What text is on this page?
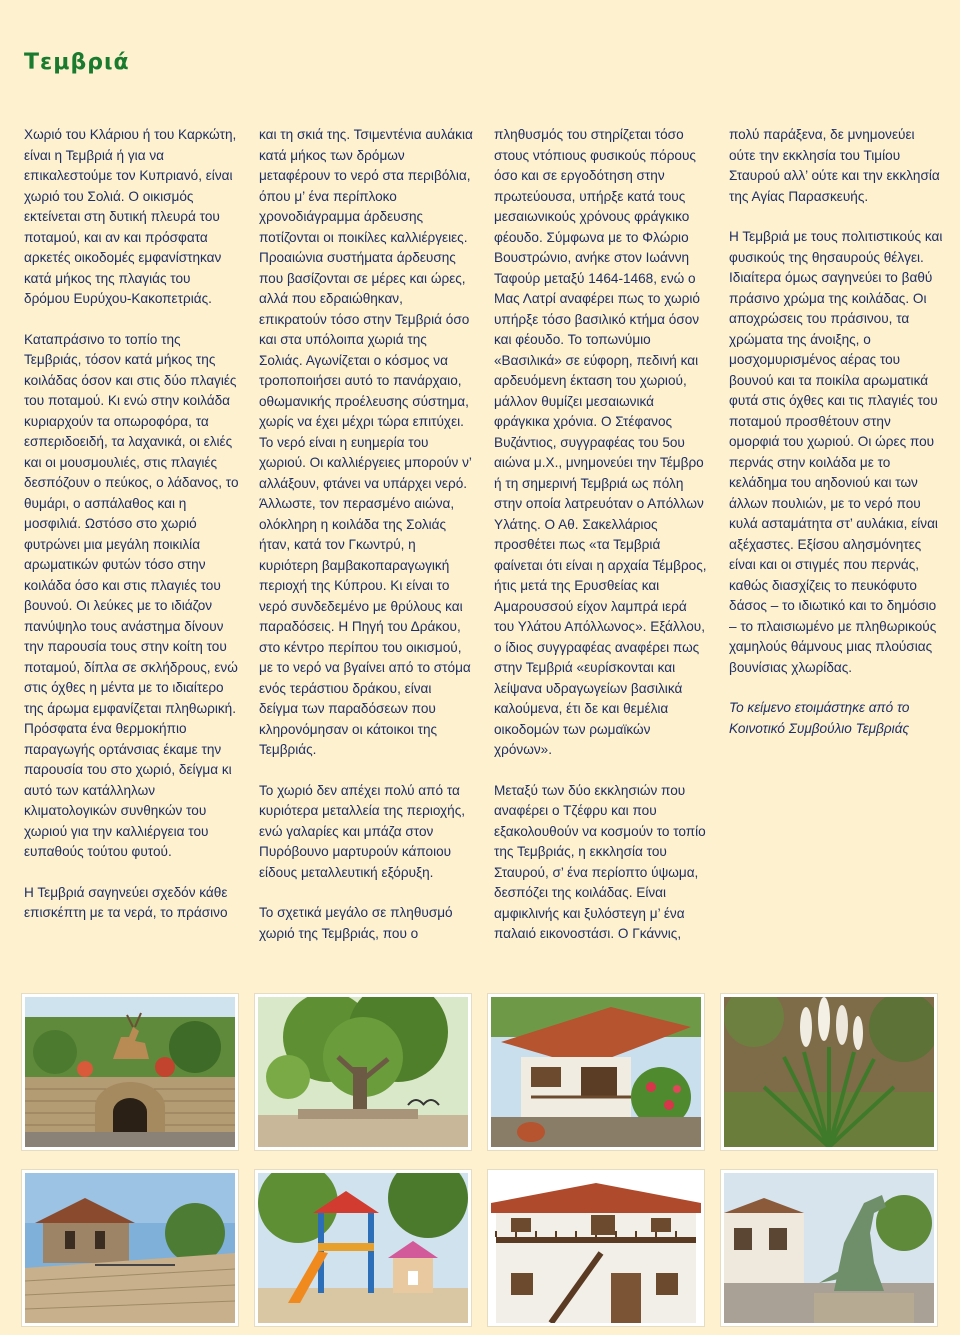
Τεμβριά

Χωριό του Κλάριου ή του Καρκώτη, είναι η Τεμβριά ή για να επικαλεστούμε τον Κυπριανό, είναι χωριό του Σολιά. Ο οικισμός εκτείνεται στη δυτική πλευρά του ποταμού, και αν και πρόσφατα αρκετές οικοδομές εμφανίστηκαν κατά μήκος της πλαγιάς του δρόμου Ευρύχου-Κακοπετριάς.

Καταπράσινο το τοπίο της Τεμβριάς, τόσον κατά μήκος της κοιλάδας όσον και στις δύο πλαγιές του ποταμού. Κι ενώ στην κοιλάδα κυριαρχούν τα οπωροφόρα, τα εσπεριδοειδή, τα λαχανικά, οι ελιές και οι μουσμουλιές, στις πλαγιές δεσπόζουν ο πεύκος, ο λάδανος, το θυμάρι, ο ασπάλαθος και η μοσφιλιά. Ωστόσο στο χωριό φυτρώνει μια μεγάλη ποικιλία αρωματικών φυτών τόσο στην κοιλάδα όσο και στις πλαγιές του βουνού. Οι λεύκες με το ιδιάζον πανύψηλο τους ανάστημα δίνουν την παρουσία τους στην κοίτη του ποταμού, δίπλα σε σκλήδρους, ενώ στις όχθες η μέντα με το ιδιαίτερο της άρωμα εμφανίζεται πληθωρική. Πρόσφατα ένα θερμοκήπιο παραγωγής ορτάνσιας έκαμε την παρουσία του στο χωριό, δείγμα κι αυτό των κατάλληλων κλιματολογικών συνθηκών του χωριού για την καλλιέργεια του ευπαθούς τούτου φυτού.

Η Τεμβριά σαγηνεύει σχεδόν κάθε επισκέπτη με τα νερά, το πράσινο

και τη σκιά της. Τσιμεντένια αυλάκια κατά μήκος των δρόμων μεταφέρουν το νερό στα περιβόλια, όπου μ’ ένα περίπλοκο χρονοδιάγραμμα άρδευσης ποτίζονται οι ποικίλες καλλιέργειες. Προαιώνια συστήματα άρδευσης που βασίζονται σε μέρες και ώρες, αλλά που εδραιώθηκαν, επικρατούν τόσο στην Τεμβριά όσο και στα υπόλοιπα χωριά της Σολιάς. Αγωνίζεται ο κόσμος να τροποποιήσει αυτό το πανάρχαιο, οθωμανικής προέλευσης σύστημα, χωρίς να έχει μέχρι τώρα επιτύχει. Το νερό είναι η ευημερία του χωριού. Οι καλλιέργειες μπορούν ν’ αλλάξουν, φτάνει να υπάρχει νερό. Άλλωστε, τον περασμένο αιώνα, ολόκληρη η κοιλάδα της Σολιάς ήταν, κατά τον Γκωντρύ, η κυριότερη βαμβακοπαραγωγική περιοχή της Κύπρου. Κι είναι το νερό συνδεδεμένο με θρύλους και παραδόσεις. Η Πηγή του Δράκου, στο κέντρο περίπου του οικισμού, με το νερό να βγαίνει από το στόμα ενός τεράστιου δράκου, είναι δείγμα των παραδόσεων που κληρονόμησαν οι κάτοικοι της Τεμβριάς.

Το χωριό δεν απέχει πολύ από τα κυριότερα μεταλλεία της περιοχής, ενώ γαλαρίες και μπάζα στον Πυρόβουνο μαρτυρούν κάποιου είδους μεταλλευτική εξόρυξη.

Το σχετικά μεγάλο σε πληθυσμό χωριό της Τεμβριάς, που ο

πληθυσμός του στηρίζεται τόσο στους ντόπιους φυσικούς πόρους όσο και σε εργοδότηση στην πρωτεύουσα, υπήρξε κατά τους μεσαιωνικούς χρόνους φράγκικο φέουδο. Σύμφωνα με το Φλώριο Βουστρώνιο, ανήκε στον Ιωάννη Ταφούρ μεταξύ 1464-1468, ενώ ο Μας Λατρί αναφέρει πως το χωριό υπήρξε τόσο βασιλικό κτήμα όσον και φέουδο. Το τοπωνύμιο «Βασιλικά» σε εύφορη, πεδινή και αρδευόμενη έκταση του χωριού, μάλλον θυμίζει μεσαιωνικά φράγκικα χρόνια. Ο Στέφανος Βυζάντιος, συγγραφέας του 5ου αιώνα μ.Χ., μνημονεύει την Τέμβρο ή τη σημερινή Τεμβριά ως πόλη στην οποία λατρευόταν ο Απόλλων Υλάτης. Ο Αθ. Σακελλάριος προσθέτει πως «τα Τεμβριά φαίνεται ότι είναι η αρχαία Τέμβρος, ήτις μετά της Ερυσθείας και Αμαρουσσού είχον λαμπρά ιερά του Υλάτου Απόλλωνος». Εξάλλου, ο ίδιος συγγραφέας αναφέρει πως στην Τεμβριά «ευρίσκονται και λείψανα υδραγωγείων βασιλικά καλούμενα, έτι δε και θεμέλια οικοδομών των ρωμαϊκών χρόνων».

Μεταξύ των δύο εκκλησιών που αναφέρει ο Τζέφρυ και που εξακολουθούν να κοσμούν το τοπίο της Τεμβριάς, η εκκλησία του Σταυρού, σ’ ένα περίοπτο ύψωμα, δεσπόζει της κοιλάδας. Είναι αμφικλινής και ξυλόστεγη μ’ ένα παλαιό εικονοστάσι. Ο Γκάννις,

πολύ παράξενα, δε μνημονεύει ούτε την εκκλησία του Τιμίου Σταυρού αλλ’ ούτε και την εκκλησία της Αγίας Παρασκευής.

Η Τεμβριά με τους πολιτιστικούς και φυσικούς της θησαυρούς θέλγει. Ιδιαίτερα όμως σαγηνεύει το βαθύ πράσινο χρώμα της κοιλάδας. Οι αποχρώσεις του πράσινου, τα χρώματα της άνοιξης, ο μοσχομυρισμένος αέρας του βουνού και τα ποικίλα αρωματικά φυτά στις όχθες και τις πλαγιές του ποταμού προσθέτουν στην ομορφιά του χωριού. Οι ώρες που περνάς στην κοιλάδα με το κελάδημα του αηδονιού και των άλλων πουλιών, με το νερό που κυλά ασταμάτητα στ’ αυλάκια, είναι αξέχαστες. Εξίσου αλησμόνητες είναι και οι στιγμές που περνάς, καθώς διασχίζεις το πευκόφυτο δάσος – το ιδιωτικό και το δημόσιο – το πλαισιωμένο με πληθωρικούς χαμηλούς θάμνους μιας πλούσιας βουνίσιας χλωρίδας.

Το κείμενο ετοιμάστηκε από το Κοινοτικό Συμβούλιο Τεμβριάς
